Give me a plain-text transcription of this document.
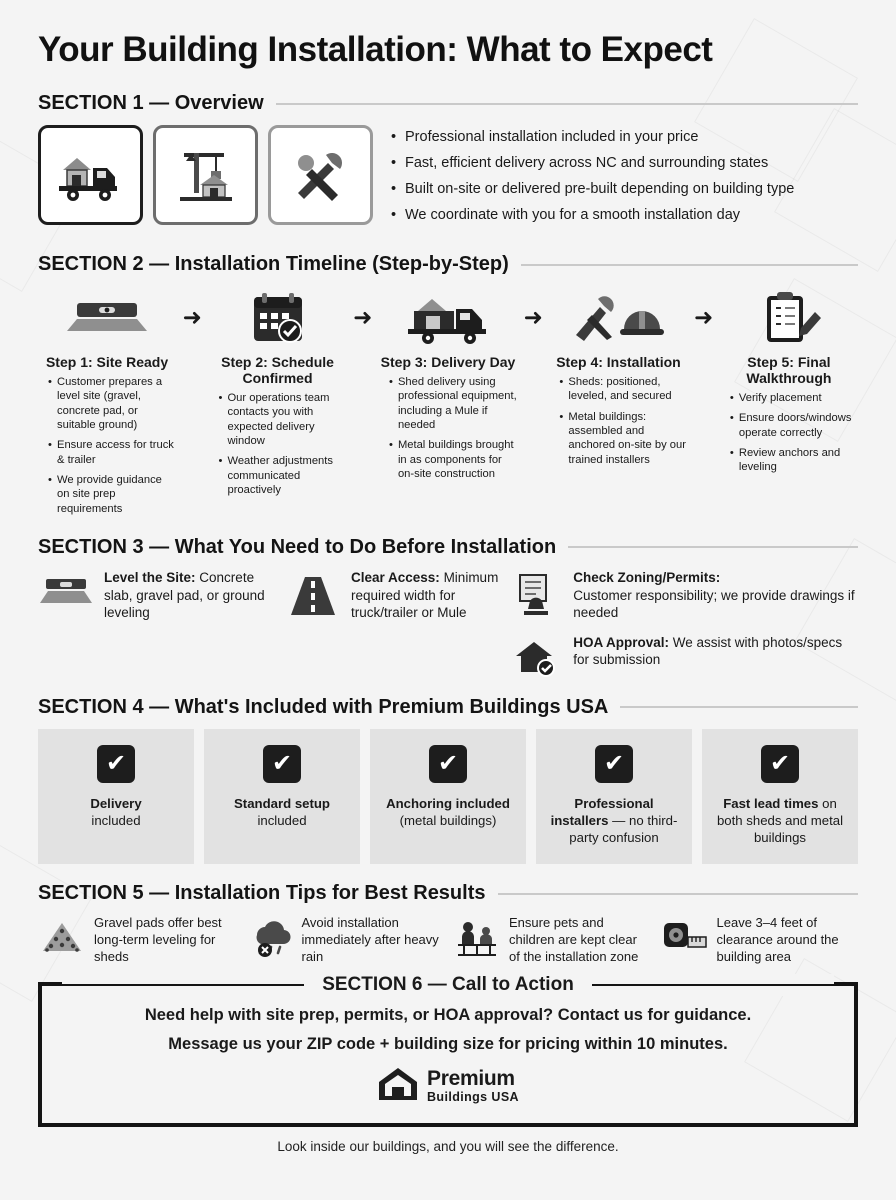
Your Building Installation: What to Expect
SECTION 1 — Overview
• Professional installation included in your price
• Fast, efficient delivery across NC and surrounding states
• Built on-site or delivered pre-built depending on building type
• We coordinate with you for a smooth installation day
SECTION 2 — Installation Timeline (Step-by-Step)
Step 1: Site Ready
• Customer prepares a level site (gravel, concrete pad, or suitable ground)
• Ensure access for truck & trailer
• We provide guidance on site prep requirements
➜
Step 2: Schedule Confirmed
• Our operations team contacts you with expected delivery window
• Weather adjustments communicated proactively
➜
Step 3: Delivery Day
• Shed delivery using professional equipment, including a Mule if needed
• Metal buildings brought in as components for on-site construction
➜
Step 4: Installation
• Sheds: positioned, leveled, and secured
• Metal buildings: assembled and anchored on-site by our trained installers
➜
Step 5: Final Walkthrough
• Verify placement
• Ensure doors/windows operate correctly
• Review anchors and leveling
SECTION 3 — What You Need to Do Before Installation
Level the Site: Concrete slab, gravel pad, or ground leveling
Clear Access: Minimum required width for truck/trailer or Mule
Check Zoning/Permits:
Customer responsibility; we provide drawings if needed
HOA Approval: We assist with photos/specs for submission
SECTION 4 — What's Included with Premium Buildings USA
✔
Delivery
included
✔
Standard setup
included
✔
Anchoring included
(metal buildings)
✔
Professional installers — no third-party confusion
✔
Fast lead times on both sheds and metal buildings
SECTION 5 — Installation Tips for Best Results
Gravel pads offer best long-term leveling for sheds
Avoid installation immediately after heavy rain
Ensure pets and children are kept clear of the installation zone
Leave 3–4 feet of clearance around the building area
SECTION 6 — Call to Action

Need help with site prep, permits, or HOA approval? Contact us for guidance.

Message us your ZIP code + building size for pricing within 10 minutes.

Premium
Buildings USA
Look inside our buildings, and you will see the difference.
